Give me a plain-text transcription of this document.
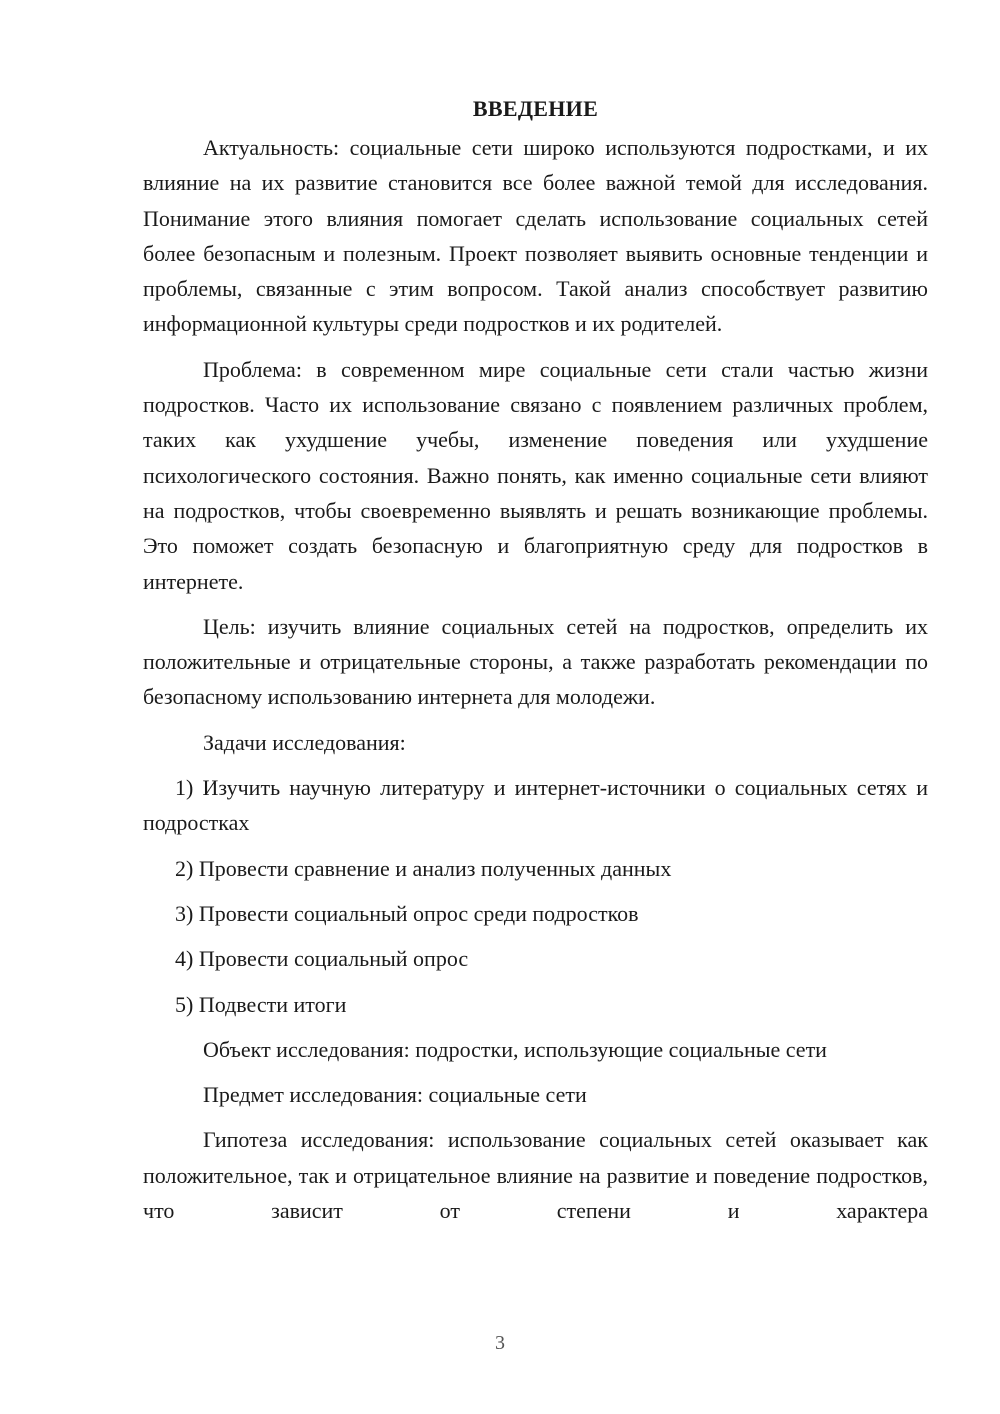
ВВЕДЕНИЕ

Актуальность: социальные сети широко используются подростками, и их влияние на их развитие становится все более важной темой для исследования. Понимание этого влияния помогает сделать использование социальных сетей более безопасным и полезным. Проект позволяет выявить основные тенденции и проблемы, связанные с этим вопросом. Такой анализ способствует развитию информационной культуры среди подростков и их родителей.

Проблема: в современном мире социальные сети стали частью жизни подростков. Часто их использование связано с появлением различных проблем, таких как ухудшение учебы, изменение поведения или ухудшение психологического состояния. Важно понять, как именно социальные сети влияют на подростков, чтобы своевременно выявлять и решать возникающие проблемы. Это поможет создать безопасную и благоприятную среду для подростков в интернете.

Цель: изучить влияние социальных сетей на подростков, определить их положительные и отрицательные стороны, а также разработать рекомендации по безопасному использованию интернета для молодежи.

Задачи исследования:

1) Изучить научную литературу и интернет-источники о социальных сетях и подростках

2) Провести сравнение и анализ полученных данных

3) Провести социальный опрос среди подростков

4) Провести социальный опрос

5) Подвести итоги

Объект исследования: подростки, использующие социальные сети

Предмет исследования: социальные сети

Гипотеза исследования: использование социальных сетей оказывает как положительное, так и отрицательное влияние на развитие и поведение подростков, что зависит от степени и характера

3
